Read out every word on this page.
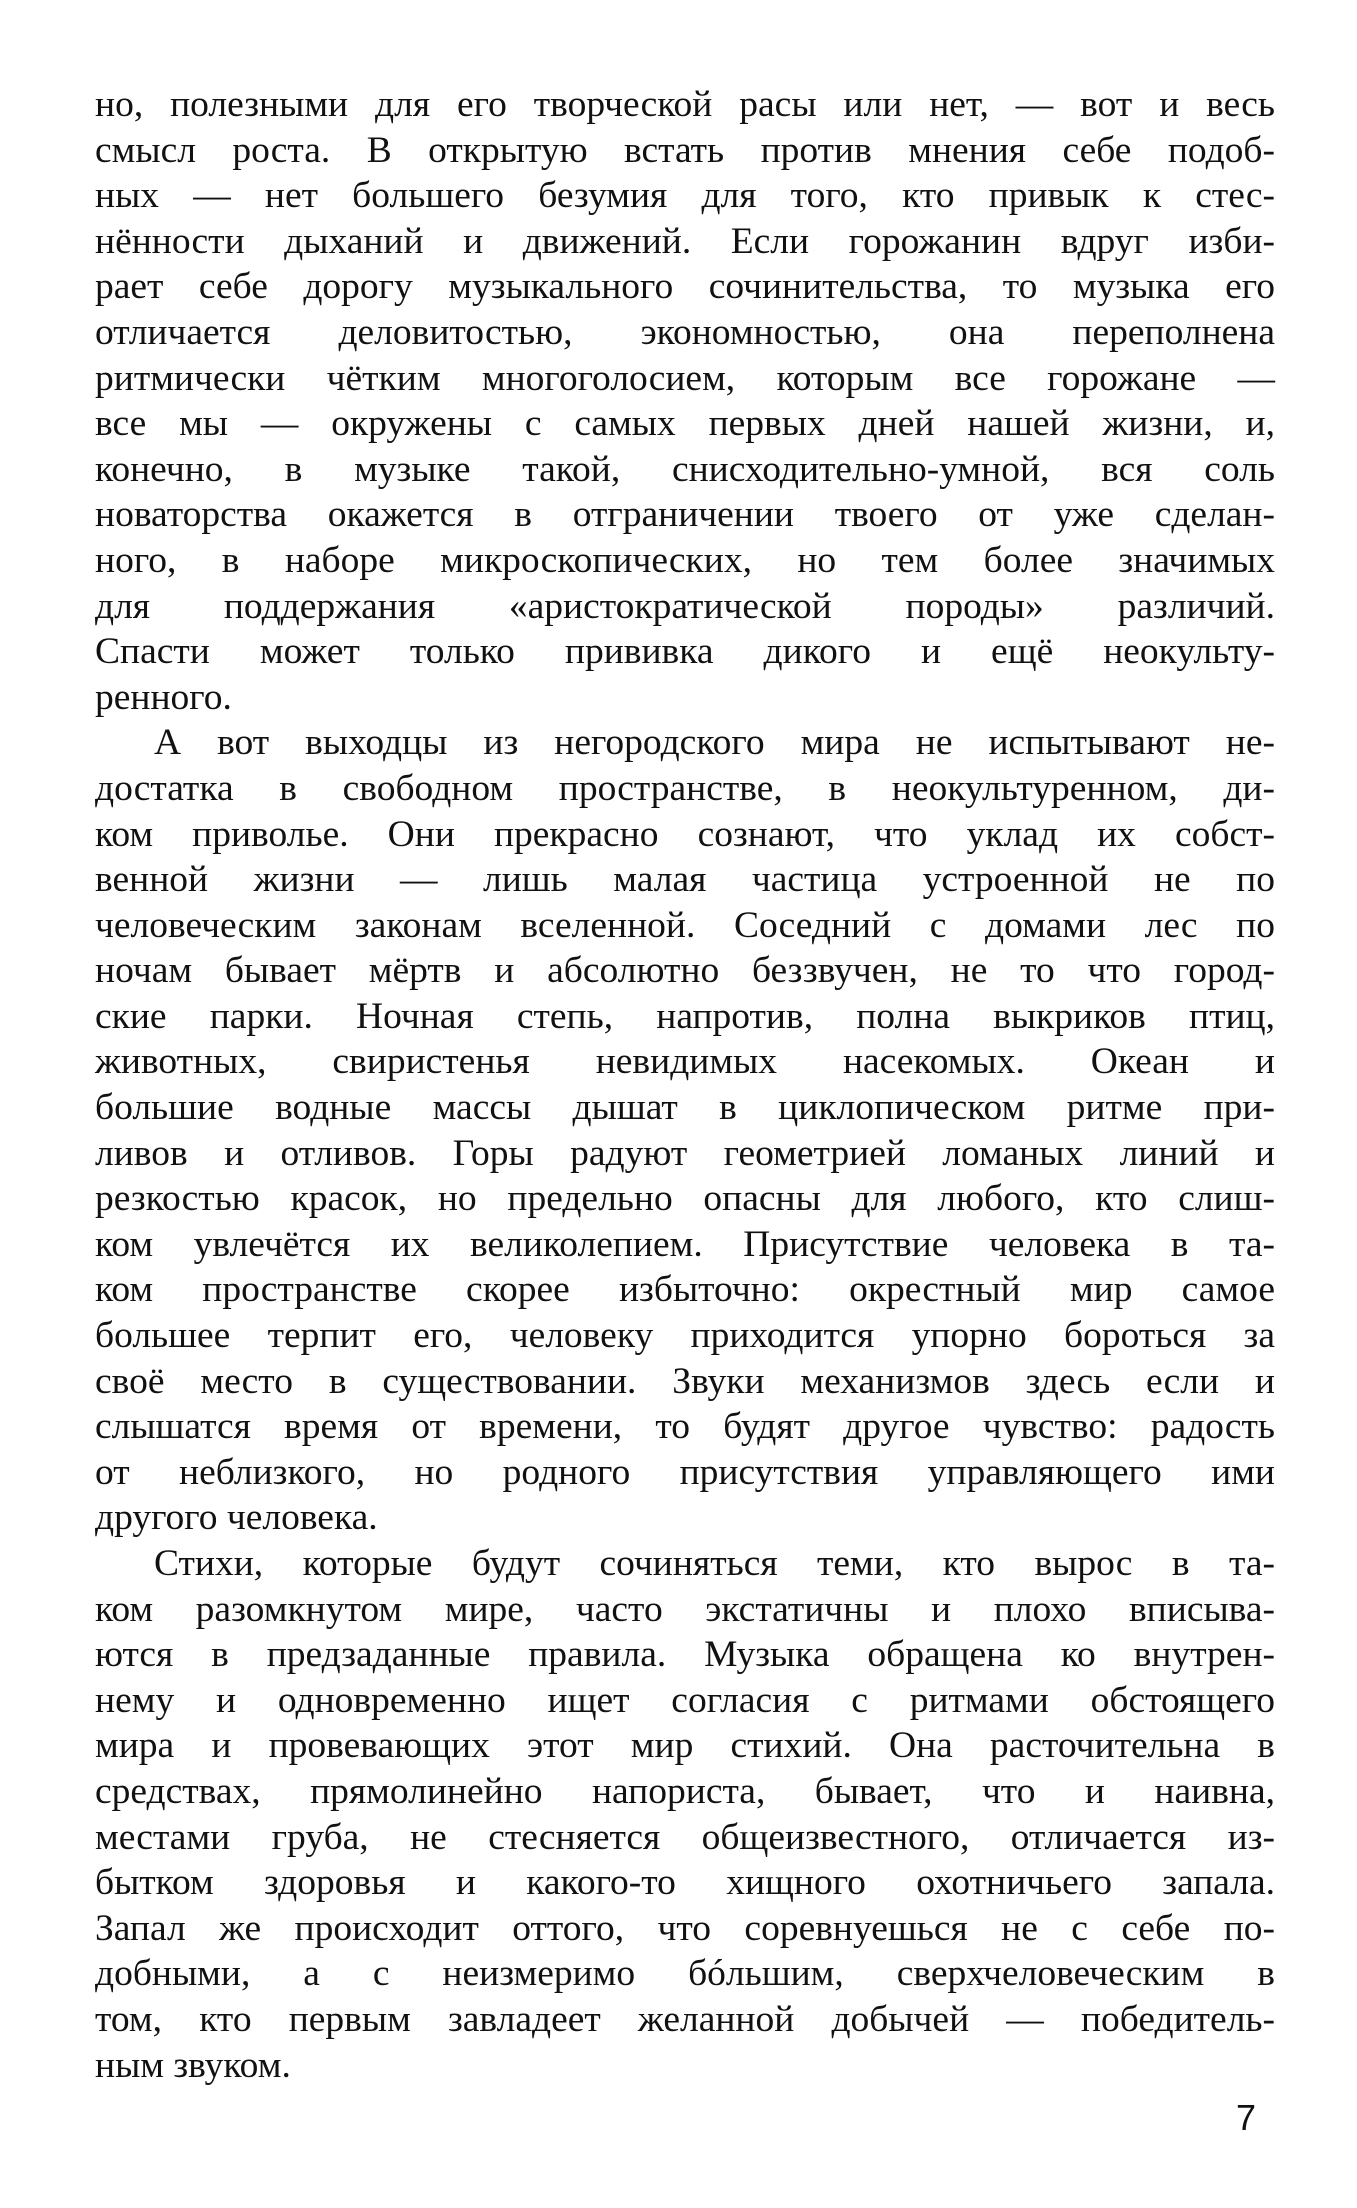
но, полезными для его творческой расы или нет, — вот и весь
смысл роста. В открытую встать против мнения себе подоб-
ных — нет большего безумия для того, кто привык к стес-
нённости дыханий и движений. Если горожанин вдруг изби-
рает себе дорогу музыкального сочинительства, то музыка его
отличается деловитостью, экономностью, она переполнена
ритмически чётким многоголосием, которым все горожане —
все мы — окружены с самых первых дней нашей жизни, и,
конечно, в музыке такой, снисходительно-умной, вся соль
новаторства окажется в отграничении твоего от уже сделан-
ного, в наборе микроскопических, но тем более значимых
для поддержания «аристократической породы» различий.
Спасти может только прививка дикого и ещё неокульту-
ренного.
А вот выходцы из негородского мира не испытывают не-
достатка в свободном пространстве, в неокультуренном, ди-
ком приволье. Они прекрасно сознают, что уклад их собст-
венной жизни — лишь малая частица устроенной не по
человеческим законам вселенной. Соседний с домами лес по
ночам бывает мёртв и абсолютно беззвучен, не то что город-
ские парки. Ночная степь, напротив, полна выкриков птиц,
животных, свиристенья невидимых насекомых. Океан и
большие водные массы дышат в циклопическом ритме при-
ливов и отливов. Горы радуют геометрией ломаных линий и
резкостью красок, но предельно опасны для любого, кто слиш-
ком увлечётся их великолепием. Присутствие человека в та-
ком пространстве скорее избыточно: окрестный мир самое
большее терпит его, человеку приходится упорно бороться за
своё место в существовании. Звуки механизмов здесь если и
слышатся время от времени, то будят другое чувство: радость
от неблизкого, но родного присутствия управляющего ими
другого человека.
Стихи, которые будут сочиняться теми, кто вырос в та-
ком разомкнутом мире, часто экстатичны и плохо вписыва-
ются в предзаданные правила. Музыка обращена ко внутрен-
нему и одновременно ищет согласия с ритмами обстоящего
мира и провевающих этот мир стихий. Она расточительна в
средствах, прямолинейно напориста, бывает, что и наивна,
местами груба, не стесняется общеизвестного, отличается из-
бытком здоровья и какого-то хищного охотничьего запала.
Запал же происходит оттого, что соревнуешься не с себе по-
добными, а с неизмеримо бóльшим, сверхчеловеческим в
том, кто первым завладеет желанной добычей — победитель-
ным звуком.
7
